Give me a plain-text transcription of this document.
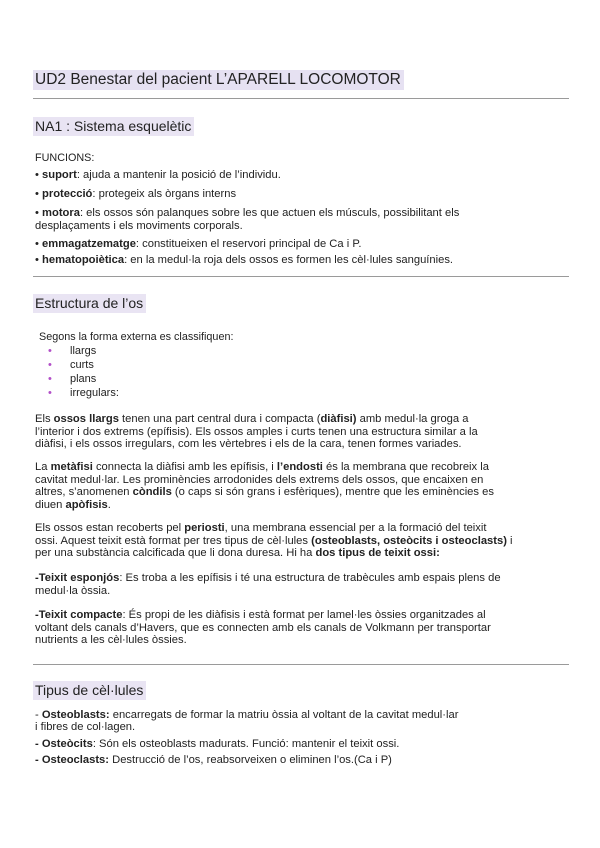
UD2 Benestar del pacient L’APARELL LOCOMOTOR
NA1 : Sistema esquelètic
FUNCIONS:
• suport: ajuda a mantenir la posició de l’individu.
• protecció: protegeix als òrgans interns
• motora: els ossos són palanques sobre les que actuen els músculs, possibilitant els
desplaçaments i els moviments corporals.
• emmagatzematge: constitueixen el reservori principal de Ca i P.
• hematopoiètica: en la medul·la roja dels ossos es formen les cèl·lules sanguínies.
Estructura de l’os
Segons la forma externa es classifiquen:
• llargs
• curts
• plans
• irregulars:
Els ossos llargs tenen una part central dura i compacta (diàfisi) amb medul·la groga a
l’interior i dos extrems (epífisis). Els ossos amples i curts tenen una estructura similar a la
diàfisi, i els ossos irregulars, com les vèrtebres i els de la cara, tenen formes variades.
La metàfisi connecta la diàfisi amb les epífisis, i l’endosti és la membrana que recobreix la
cavitat medul·lar. Les prominències arrodonides dels extrems dels ossos, que encaixen en
altres, s’anomenen còndils (o caps si són grans i esfèriques), mentre que les eminències es
diuen apòfisis.
Els ossos estan recoberts pel periosti, una membrana essencial per a la formació del teixit
ossi. Aquest teixit està format per tres tipus de cèl·lules (osteoblasts, osteòcits i osteoclasts) i
per una substància calcificada que li dona duresa. Hi ha dos tipus de teixit ossi:
-Teixit esponjós: Es troba a les epífisis i té una estructura de trabècules amb espais plens de
medul·la òssia.
-Teixit compacte: És propi de les diàfisis i està format per lamel·les òssies organitzades al
voltant dels canals d’Havers, que es connecten amb els canals de Volkmann per transportar
nutrients a les cèl·lules òssies.
Tipus de cèl·lules
- Osteoblasts: encarregats de formar la matriu òssia al voltant de la cavitat medul·lar
i fibres de col·lagen.
- Osteòcits: Són els osteoblasts madurats. Funció: mantenir el teixit ossi.
- Osteoclasts: Destrucció de l’os, reabsorveixen o eliminen l’os.(Ca i P)
